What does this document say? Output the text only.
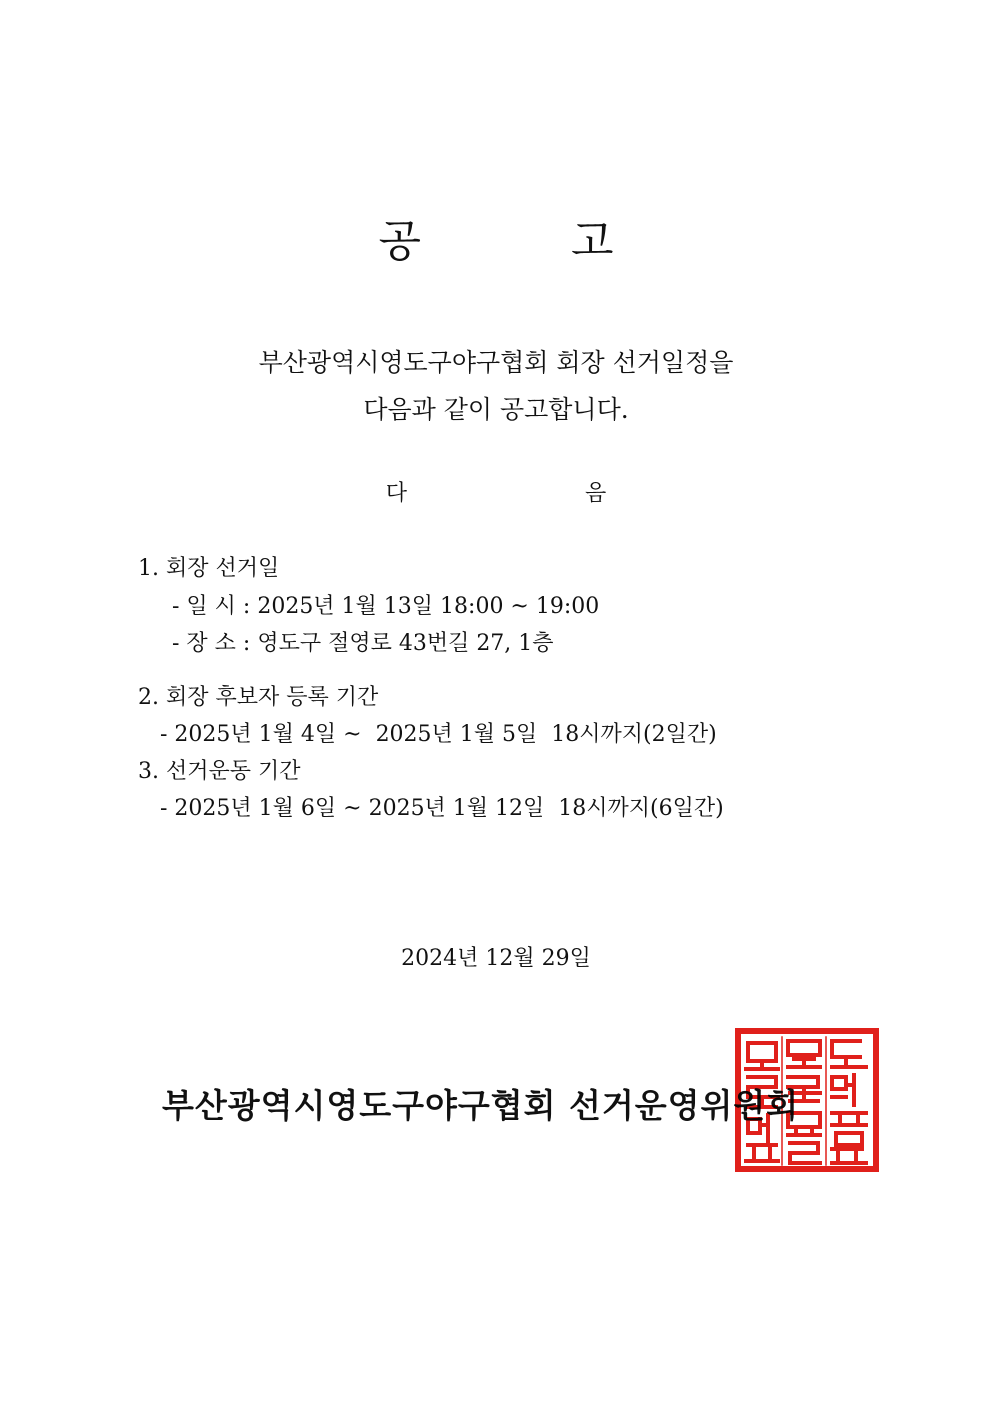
공	고
부산광역시영도구야구협회 회장 선거일정을
다음과 같이 공고합니다.
다	음
1. 회장 선거일
- 일 시 : 2025년 1월 13일 18:00 ~ 19:00
- 장 소 : 영도구 절영로 43번길 27, 1층
2. 회장 후보자 등록 기간
- 2025년 1월 4일 ~  2025년 1월 5일  18시까지(2일간)
3. 선거운동 기간
- 2025년 1월 6일 ~ 2025년 1월 12일  18시까지(6일간)
2024년 12월 29일
부산광역시영도구야구협회 선거운영위원회
